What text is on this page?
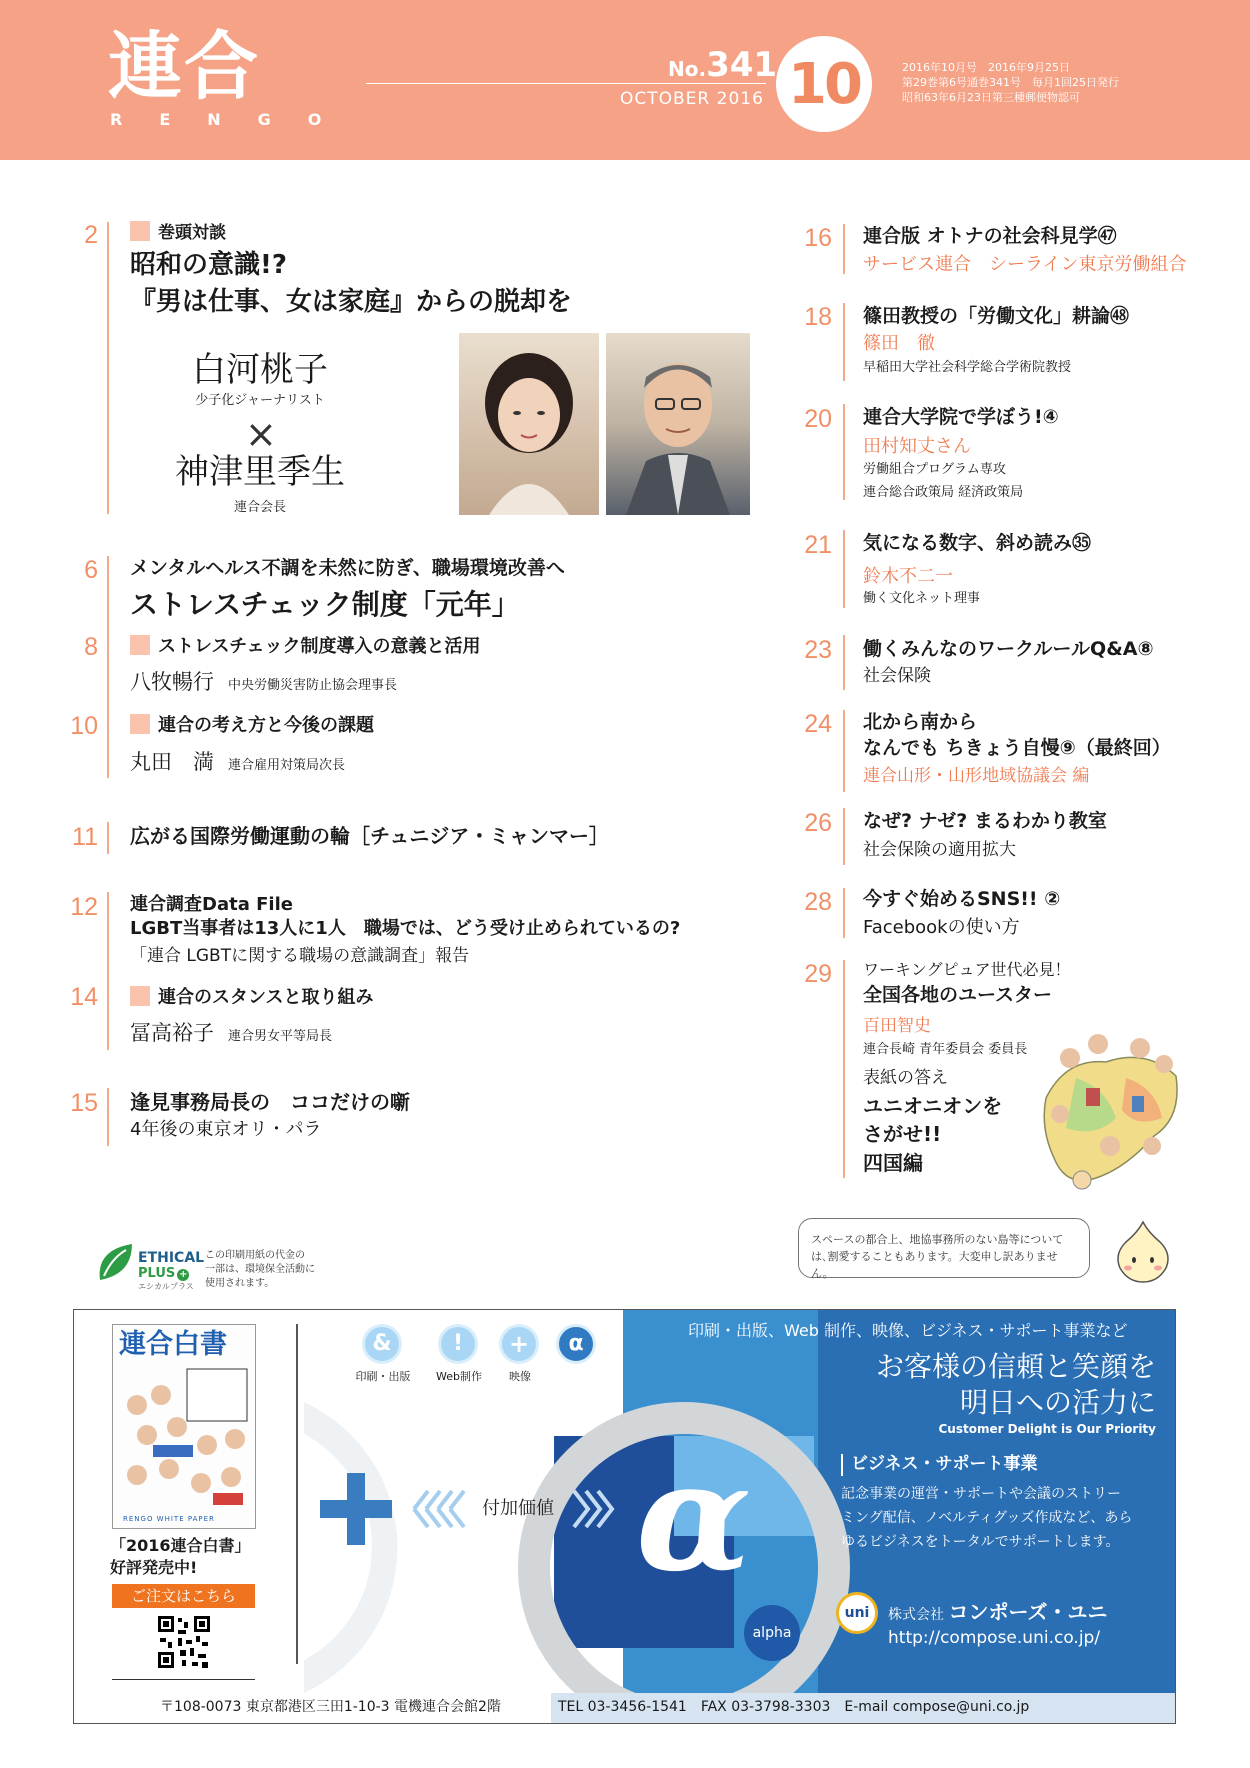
連合
RENGO
No.341
OCTOBER 2016 10	2016年10月号　2016年9月25日
第29巻第6号通巻341号　毎月1回25日発行
昭和63年6月23日第三種郵便物認可
2	巻頭対談
昭和の意識!?
『男は仕事、女は家庭』からの脱却を
白河桃子
少子化ジャーナリスト
×
神津里季生
連合会長
6 メンタルヘルス不調を未然に防ぎ、職場環境改善へ
ストレスチェック制度「元年」
8	ストレスチェック制度導入の意義と活用
八牧暢行 中央労働災害防止協会理事長
10	連合の考え方と今後の課題
丸田　満 連合雇用対策局次長
11 広がる国際労働運動の輪［チュニジア・ミャンマー］
12 連合調査Data File
LGBT当事者は13人に1人　職場では、どう受け止められているの?
「連合 LGBTに関する職場の意識調査」報告
14	連合のスタンスと取り組み
冨高裕子 連合男女平等局長
15 逢見事務局長の　ココだけの噺
4年後の東京オリ・パラ
16 連合版 オトナの社会科見学㊼
サービス連合　シーライン東京労働組合
18 篠田教授の「労働文化」耕論㊽
篠田　徹
早稲田大学社会科学総合学術院教授
20 連合大学院で学ぼう!④
田村知丈さん
労働組合プログラム専攻
連合総合政策局 経済政策局
21 気になる数字、斜め読み㉟
鈴木不二一
働く文化ネット理事
23 働くみんなのワークルールQ&A⑧
社会保険
24 北から南から
なんでも ちきょう自慢⑨（最終回）
連合山形・山形地域協議会 編
26 なぜ? ナゼ? まるわかり教室
社会保険の適用拡大
28 今すぐ始めるSNS!! ②
Facebookの使い方
29 ワーキングピュア世代必見！
全国各地のユースター
百田智史
連合長崎 青年委員会 委員長
表紙の答え
ユニオニオンを
さがせ!!
四国編
ETHICAL
PLUS +
エシカルプラス
この印刷用紙の代金の
一部は、環境保全活動に
使用されます。
スペースの都合上、地協事務所のない島等について
は､割愛することもあります。大変申し訳ありません。
連合白書
RENGO WHITE PAPER
「2016連合白書」
好評発売中!
ご注文はこちら
&
印刷・出版
!
Web制作
+
映像
α
ビジネス・サポート事業
付加価値 α
alpha
印刷・出版、Web 制作、映像、ビジネス・サポート事業など
お客様の信頼と笑顔を
明日への活力に
Customer Delight is Our Priority
ビジネス・サポート事業
記念事業の運営・サポートや会議のストリー
ミング配信、ノベルティグッズ作成など、あら
ゆるビジネスをトータルでサポートします。
uni	株式会社 コンポーズ・ユニ
http://compose.uni.co.jp/
〒108-0073 東京都港区三田1-10-3 電機連合会館2階	TEL 03-3456-1541　FAX 03-3798-3303　E-mail compose@uni.co.jp
